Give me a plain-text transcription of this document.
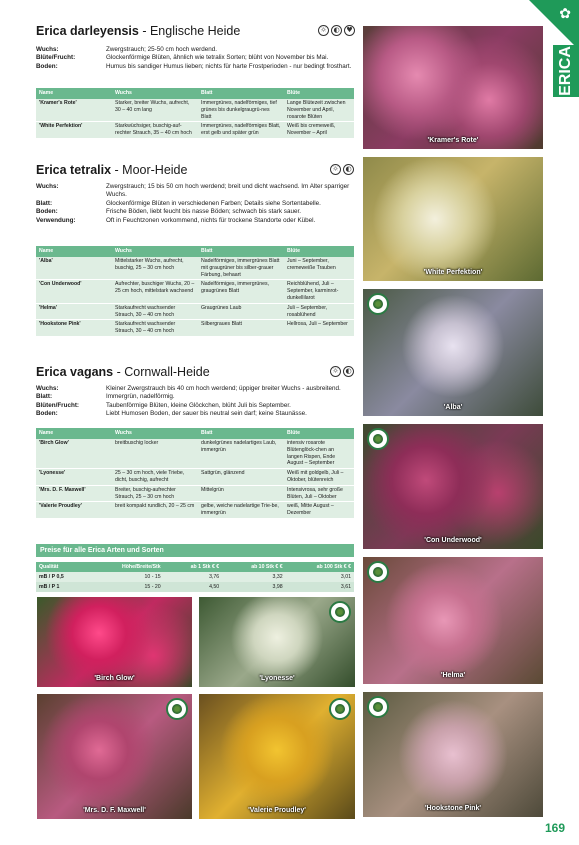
✿
ERICA
Erica darleyensis - Englische Heide	☼ ◐ ♥
Wuchs:	Zwergstrauch; 25-50 cm hoch werdend.
Blüte/Frucht:	Glockenförmige Blüten, ähnlich wie tetralix Sorten; blüht von November bis Mai.
Boden:	Humus bis sandiger Humus lieben; nichts für harte Frostperioden - nur bedingt frosthart.
Name	Wuchs	Blatt	Blüte
'Kramer's Rote'	Starker, breiter Wuchs, aufrecht, 30 – 40 cm lang	Immergrünes, nadelförmiges, tief grünes bis dunkelgraugrü-nes Blatt	Lange Blütezeit zwischen November und April, rosarote Blüten
'White Perfektion'	Starkwüchsiger, buschig-auf-rechter Strauch, 35 – 40 cm hoch	Immergrünes, nadelförmiges Blatt, erst gelb und später grün	Weiß bis cremeweiß, November – April
Erica tetralix - Moor-Heide	☼ ◐
Wuchs:	Zwergstrauch; 15 bis 50 cm hoch werdend; breit und dicht wachsend. Im Alter sparriger Wuchs.
Blatt:	Glockenförmige Blüten in verschiedenen Farben; Details siehe Sortentabelle.
Boden:	Frische Böden, liebt feucht bis nasse Böden; schwach bis stark sauer.
Verwendung:	Oft in Feuchtzonen vorkommend, nichts für trockene Standorte oder Kübel.
Name	Wuchs	Blatt	Blüte
'Alba'	Mittelstarker Wuchs, aufrecht, buschig, 25 – 30 cm hoch	Nadelförmiges, immergrünes Blatt mit graugrüner bis silber-grauer Färbung, behaart	Juni – September, cremeweiße Trauben
'Con Underwood'	Aufrechter, buschiger Wuchs, 20 – 25 cm hoch, mittelstark wachsend	Nadelförmiges, immergrünes, graugrünes Blatt	Reichblühend, Juli – September, karminrot-dunkellilarot
'Helma'	Starkaufrecht wachsender Strauch, 30 – 40 cm hoch	Graugrünes Laub	Juli – September, rosablühend
'Hookstone Pink'	Starkaufrecht wachsender Strauch, 30 – 40 cm hoch	Silbergraues Blatt	Hellrosa, Juli – September
Erica vagans - Cornwall-Heide	☼ ◐
Wuchs:	Kleiner Zwergstrauch bis 40 cm hoch werdend; üppiger breiter Wuchs - ausbreitend.
Blatt:	Immergrün, nadelförmig.
Blüten/Frucht:	Taubenförmige Blüten, kleine Glöckchen, blüht Juli bis September.
Boden:	Liebt Humosen Boden, der sauer bis neutral sein darf; keine Staunässe.
Name	Wuchs	Blatt	Blüte
'Birch Glow'	breitbuschig locker	dunkelgrünes nadelartiges Laub, immergrün	intensiv rosarote Blütenglöck-chen an langen Rispen, Ende August – September
'Lyonesse'	25 – 30 cm hoch, viele Triebe, dicht, buschig, aufrecht	Sattgrün, glänzend	Weiß mit goldgelb, Juli – Oktober, blütenreich
'Mrs. D. F. Maxwell'	Breiter, buschig-aufrechter Strauch, 25 – 30 cm hoch	Mittelgrün	Intensivrosa, sehr große Blüten, Juli – Oktober
'Valerie Proudley'	breit kompakt rundlich, 20 – 25 cm	gelbe, weiche nadelartige Trie-be, immergrün	weiß, Mitte August – Dezember
Preise für alle Erica Arten und Sorten
Qualität	Höhe/Breite/Stk	ab 1 Stk € €	ab 10 Stk € €	ab 100 Stk € €
mB / P 0,5	10 - 15	3,76	3,32	3,01
mB / P 1	15 - 20	4,50	3,98	3,61
'Kramer's Rote'
'White Perfektion'
'Alba'
'Con Underwood'
'Helma'
'Hookstone Pink'
'Birch Glow'	'Lyonesse'
'Mrs. D. F. Maxwell'	'Valerie Proudley'
169
